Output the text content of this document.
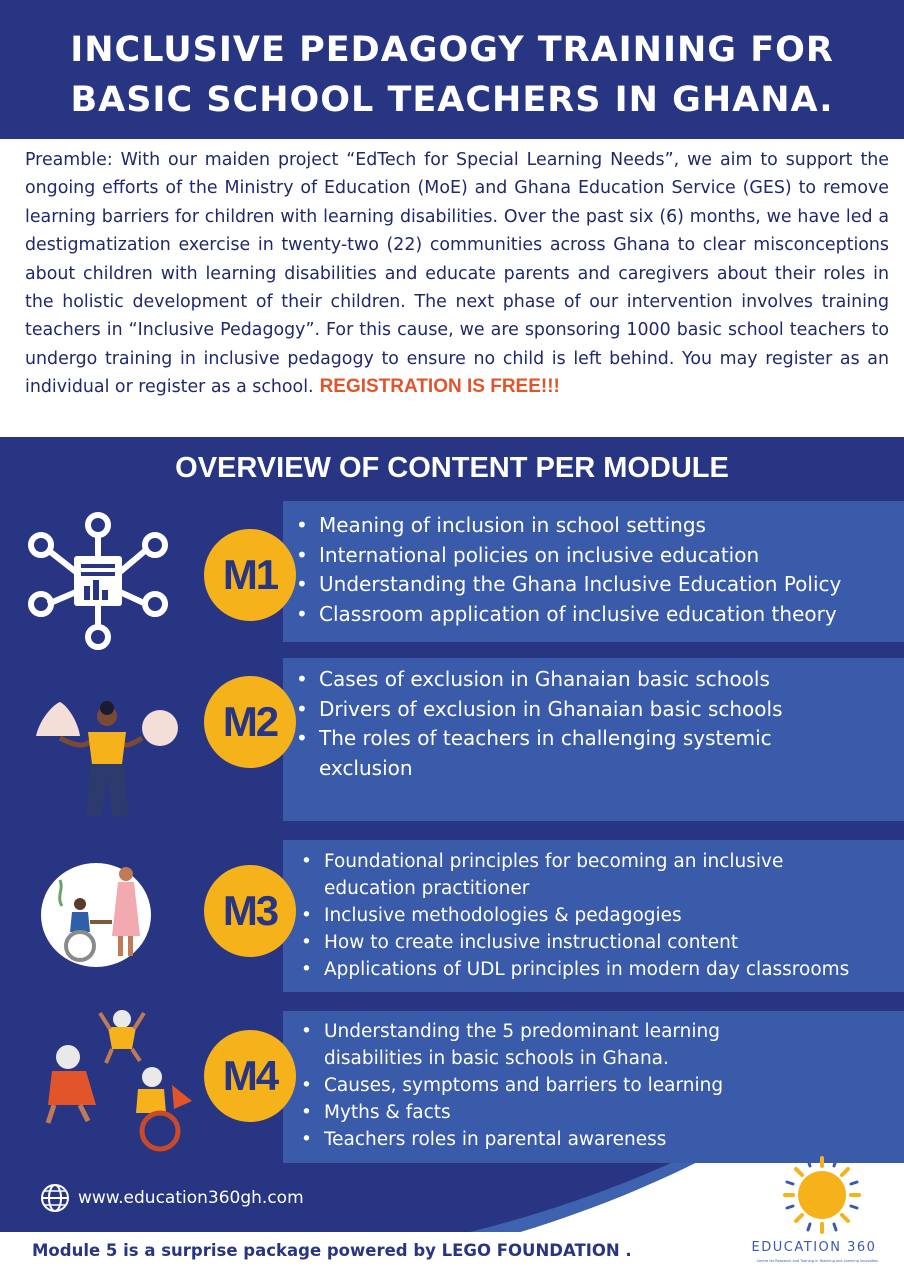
INCLUSIVE PEDAGOGY TRAINING FOR
BASIC SCHOOL TEACHERS IN GHANA.
Preamble: With our maiden project “EdTech for Special Learning Needs”, we aim to support the ongoing efforts of the Ministry of Education (MoE) and Ghana Education Service (GES) to remove learning barriers for children with learning disabilities. Over the past six (6) months, we have led a destigmatization exercise in twenty-two (22) communities across Ghana to clear misconceptions about children with learning disabilities and educate parents and caregivers about their roles in the holistic development of their children. The next phase of our intervention involves training teachers in “Inclusive Pedagogy”. For this cause, we are sponsoring 1000 basic school teachers to undergo training in inclusive pedagogy to ensure no child is left behind. You may register as an individual or register as a school. REGISTRATION IS FREE!!!
OVERVIEW OF CONTENT PER MODULE
• Meaning of inclusion in school settings
• International policies on inclusive education
• Understanding the Ghana Inclusive Education Policy
• Classroom application of inclusive education theory
• Cases of exclusion in Ghanaian basic schools
• Drivers of exclusion in Ghanaian basic schools
• The roles of teachers in challenging systemic exclusion
• Foundational principles for becoming an inclusive education practitioner
• Inclusive methodologies & pedagogies
• How to create inclusive instructional content
• Applications of UDL principles in modern day classrooms
• Understanding the 5 predominant learning disabilities in basic schools in Ghana.
• Causes, symptoms and barriers to learning
• Myths & facts
• Teachers roles in parental awareness
M1
M2
M3
M4
www.education360gh.com
Module 5 is a surprise package powered by LEGO FOUNDATION .	EDUCATION 360
Centre for Research and Training in Teaching and Learning Innovation
